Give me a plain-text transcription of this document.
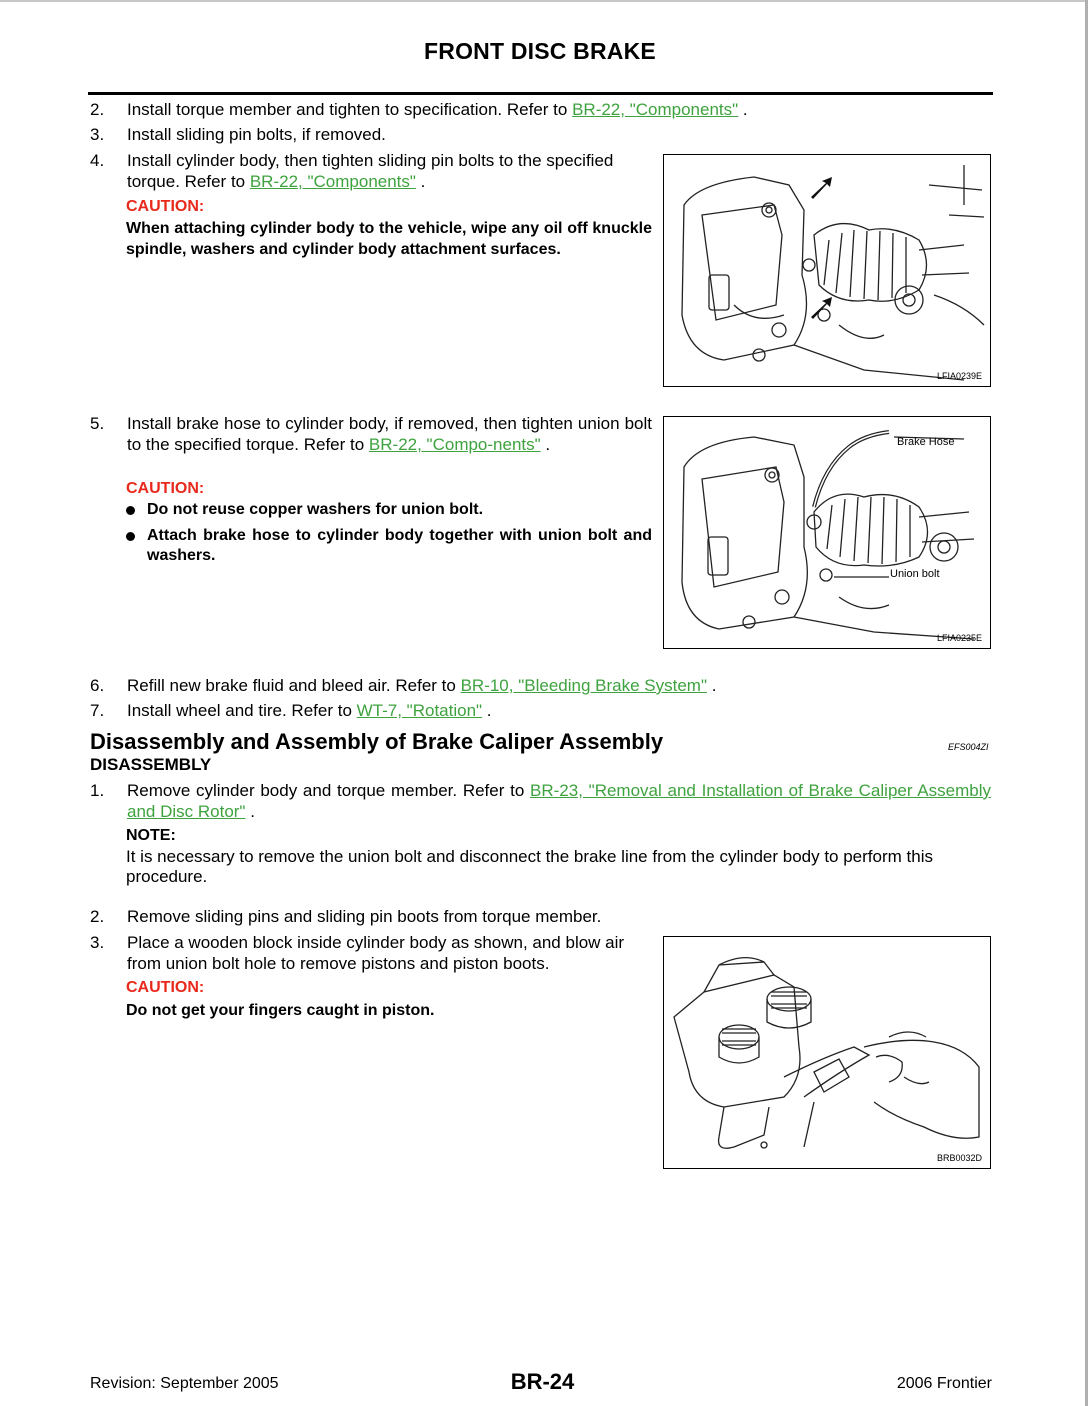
FRONT DISC BRAKE
2. Install torque member and tighten to specification. Refer to BR-22, "Components" .
3. Install sliding pin bolts, if removed.
4. Install cylinder body, then tighten sliding pin bolts to the specified
torque. Refer to BR-22, "Components" .
CAUTION:
When attaching cylinder body to the vehicle, wipe any oil off knuckle spindle, washers and cylinder body attachment surfaces.
LFIA0239E
5. Install brake hose to cylinder body, if removed, then tighten union bolt to the specified torque. Refer to BR-22, "Compo-nents" .
CAUTION:
Do not reuse copper washers for union bolt.
Attach brake hose to cylinder body together with union bolt and washers.
Brake Hose
Union bolt
LFIA0235E
6. Refill new brake fluid and bleed air. Refer to BR-10, "Bleeding Brake System" .
7. Install wheel and tire. Refer to WT-7, "Rotation" .
Disassembly and Assembly of Brake Caliper Assembly	EFS004ZI
DISASSEMBLY
1. Remove cylinder body and torque member. Refer to BR-23, "Removal and Installation of Brake Caliper Assembly and Disc Rotor" .
NOTE:
It is necessary to remove the union bolt and disconnect the brake line from the cylinder body to perform this procedure.
2. Remove sliding pins and sliding pin boots from torque member.
3. Place a wooden block inside cylinder body as shown, and blow air from union bolt hole to remove pistons and piston boots.
CAUTION:
Do not get your fingers caught in piston.
BRB0032D
Revision: September 2005	BR-24	2006 Frontier
